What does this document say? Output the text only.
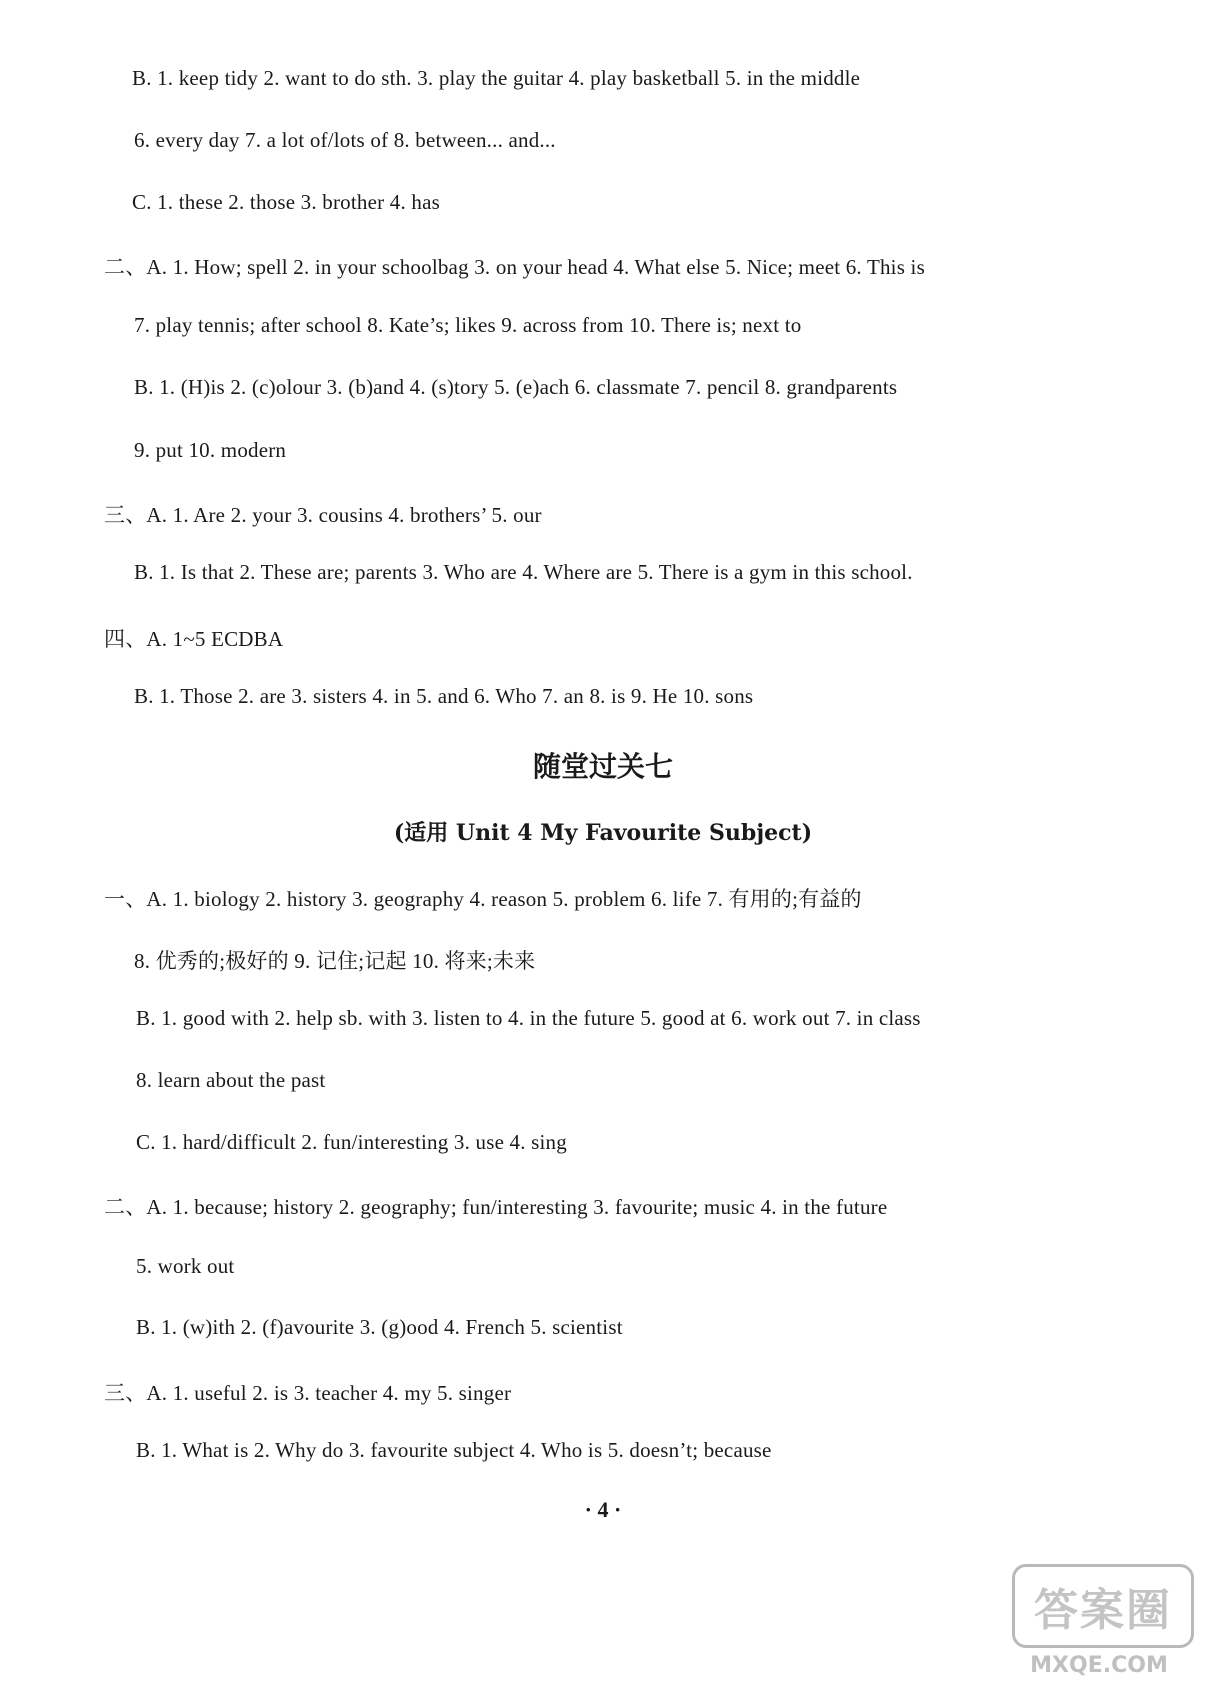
B. 1. keep tidy 2. want to do sth. 3. play the guitar 4. play basketball 5. in the middle
6. every day 7. a lot of/lots of 8. between... and...
C. 1. these 2. those 3. brother 4. has
二、A. 1. How; spell 2. in your schoolbag 3. on your head 4. What else 5. Nice; meet 6. This is
7. play tennis; after school 8. Kate’s; likes 9. across from 10. There is; next to
B. 1. (H)is 2. (c)olour 3. (b)and 4. (s)tory 5. (e)ach 6. classmate 7. pencil 8. grandparents
9. put 10. modern
三、A. 1. Are 2. your 3. cousins 4. brothers’ 5. our
B. 1. Is that 2. These are; parents 3. Who are 4. Where are 5. There is a gym in this school.
四、A. 1~5 ECDBA
B. 1. Those 2. are 3. sisters 4. in 5. and 6. Who 7. an 8. is 9. He 10. sons
随堂过关七
(适用 Unit 4 My Favourite Subject)
一、A. 1. biology 2. history 3. geography 4. reason 5. problem 6. life 7. 有用的;有益的
8. 优秀的;极好的 9. 记住;记起 10. 将来;未来
B. 1. good with 2. help sb. with 3. listen to 4. in the future 5. good at 6. work out 7. in class
8. learn about the past
C. 1. hard/difficult 2. fun/interesting 3. use 4. sing
二、A. 1. because; history 2. geography; fun/interesting 3. favourite; music 4. in the future
5. work out
B. 1. (w)ith 2. (f)avourite 3. (g)ood 4. French 5. scientist
三、A. 1. useful 2. is 3. teacher 4. my 5. singer
B. 1. What is 2. Why do 3. favourite subject 4. Who is 5. doesn’t; because
· 4 ·
答案圈
MXQE.COM
